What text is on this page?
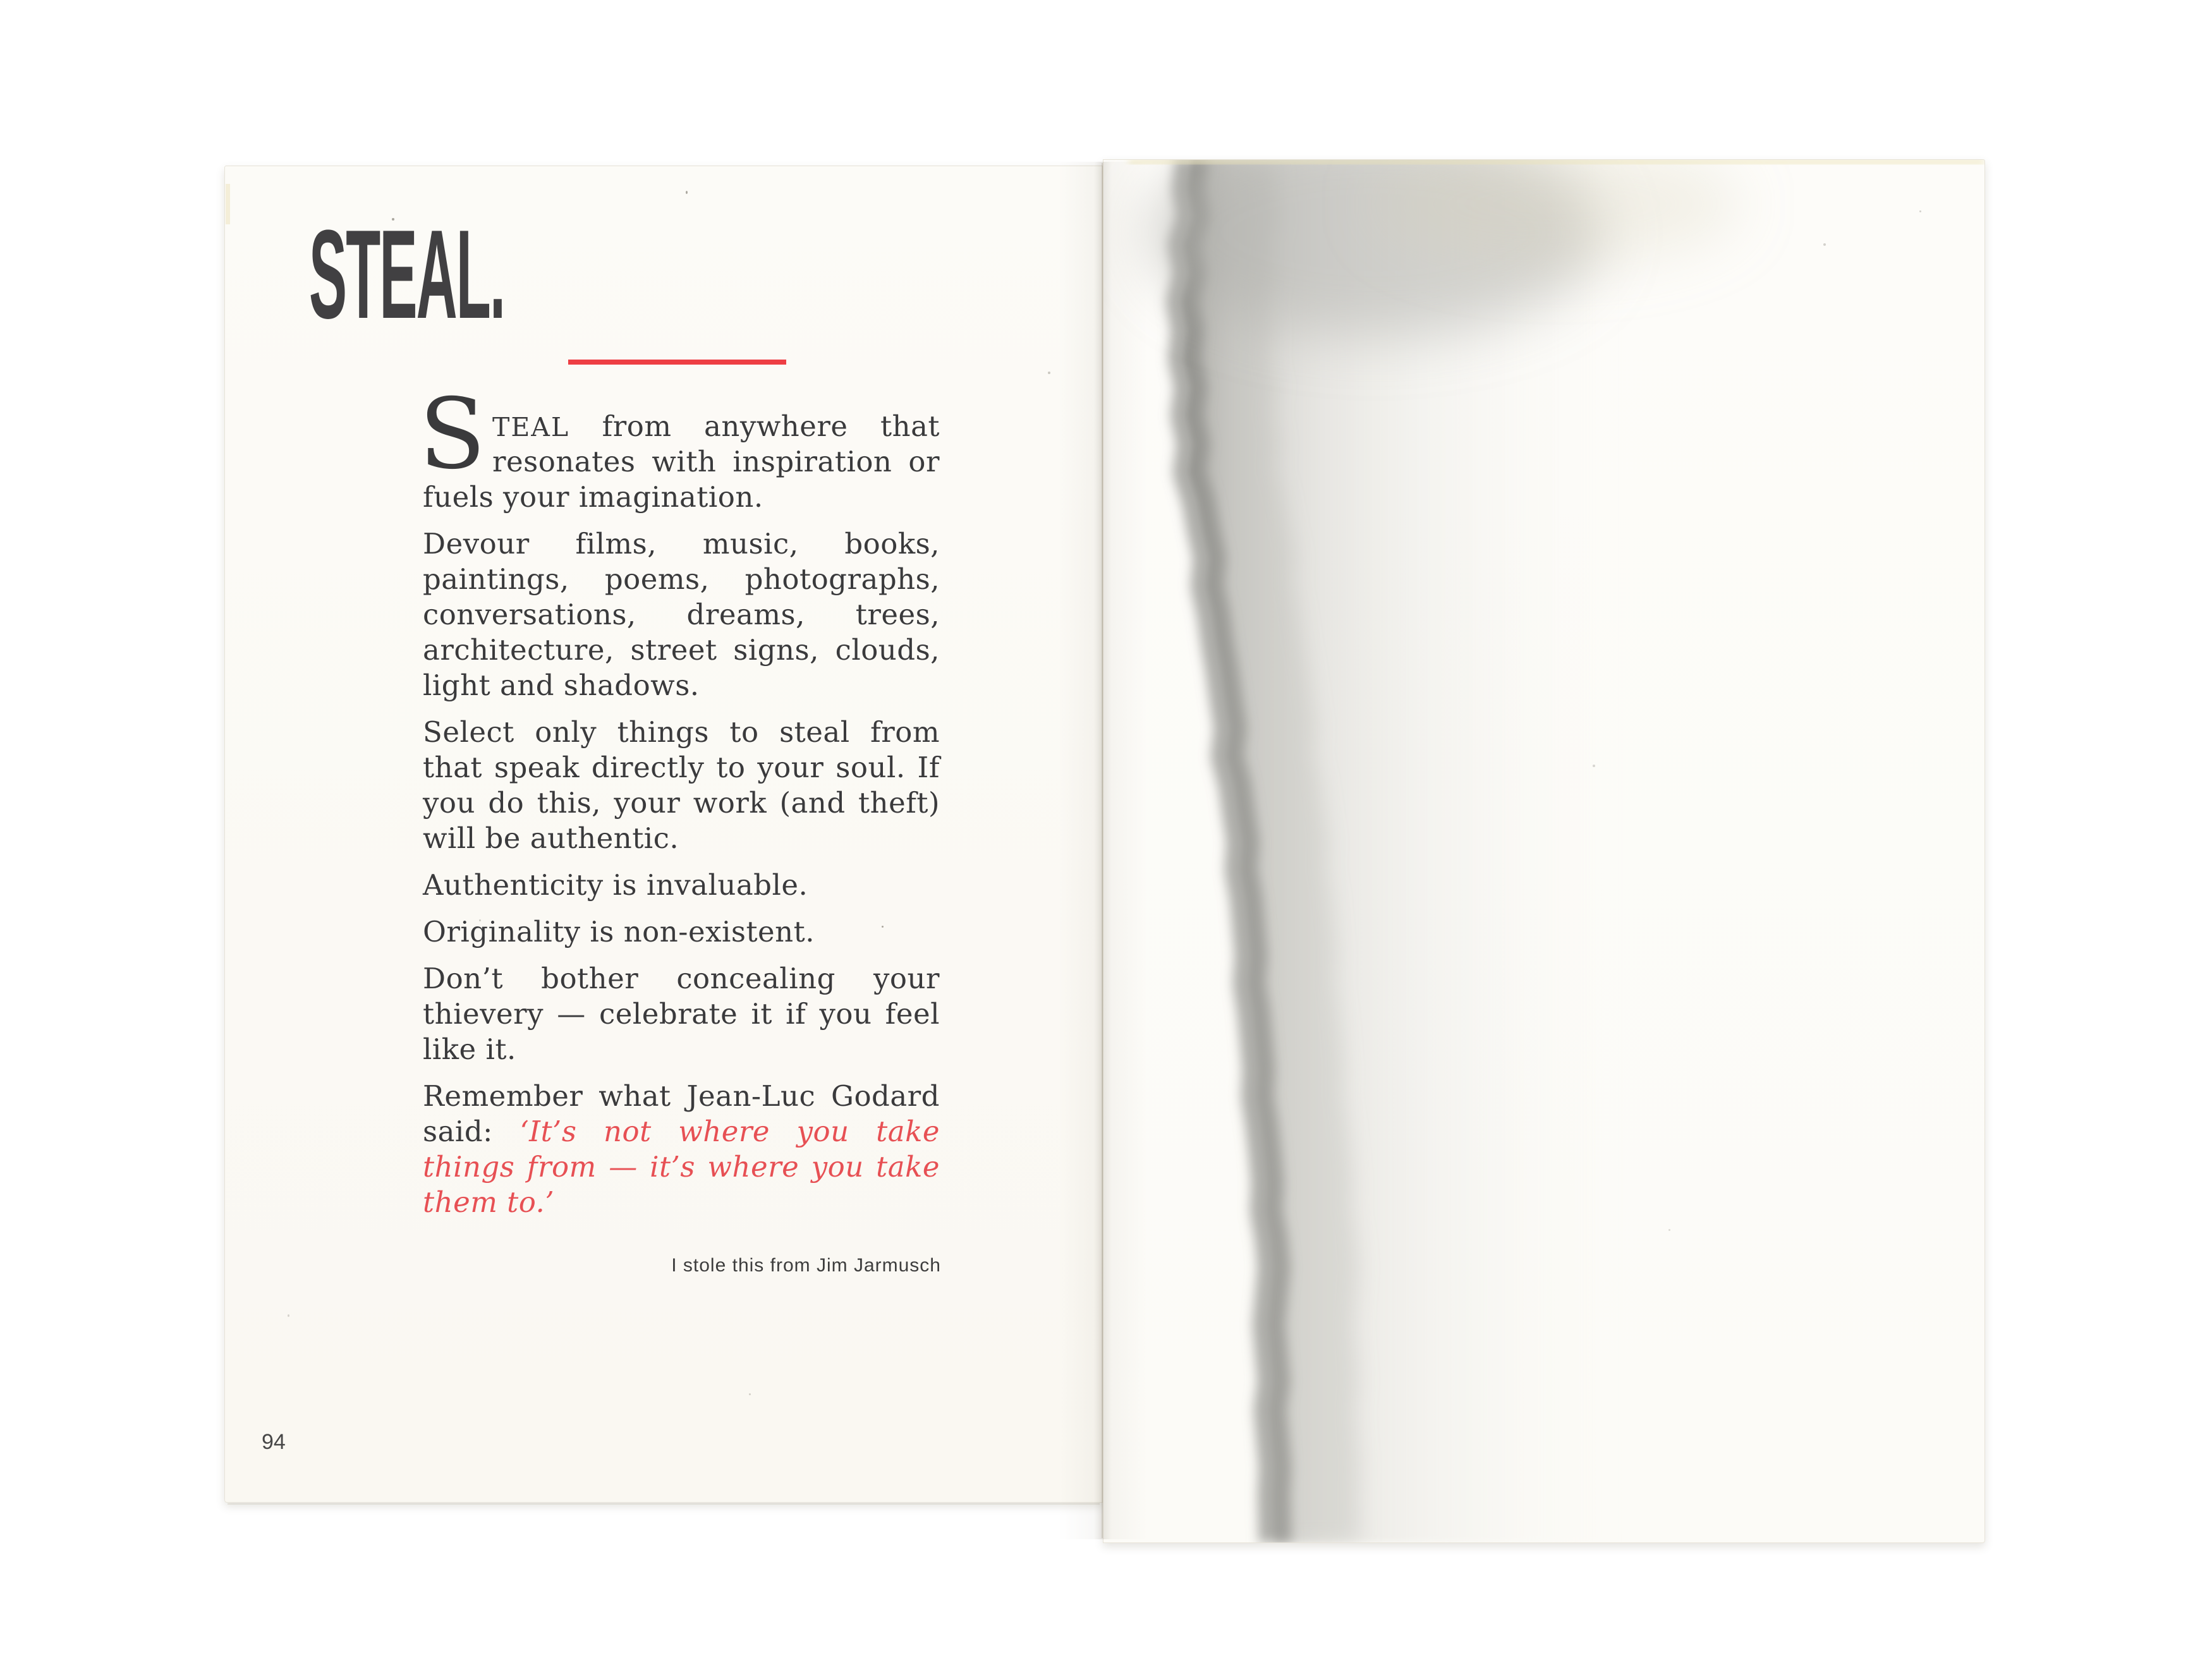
STEAL.
S TEAL from anywhere that
resonates with inspiration or
fuels your imagination.
Devour films, music, books,
paintings, poems, photographs,
conversations, dreams, trees,
architecture, street signs, clouds,
light and shadows.
Select only things to steal from
that speak directly to your soul. If
you do this, your work (and theft)
will be authentic.
Authenticity is invaluable.
Originality is non-existent.
Don’t bother concealing your
thievery — celebrate it if you feel
like it.
Remember what Jean-Luc Godard
said: ‘It’s not where you take
things from — it’s where you take
them to.’
I stole this from Jim Jarmusch
94
